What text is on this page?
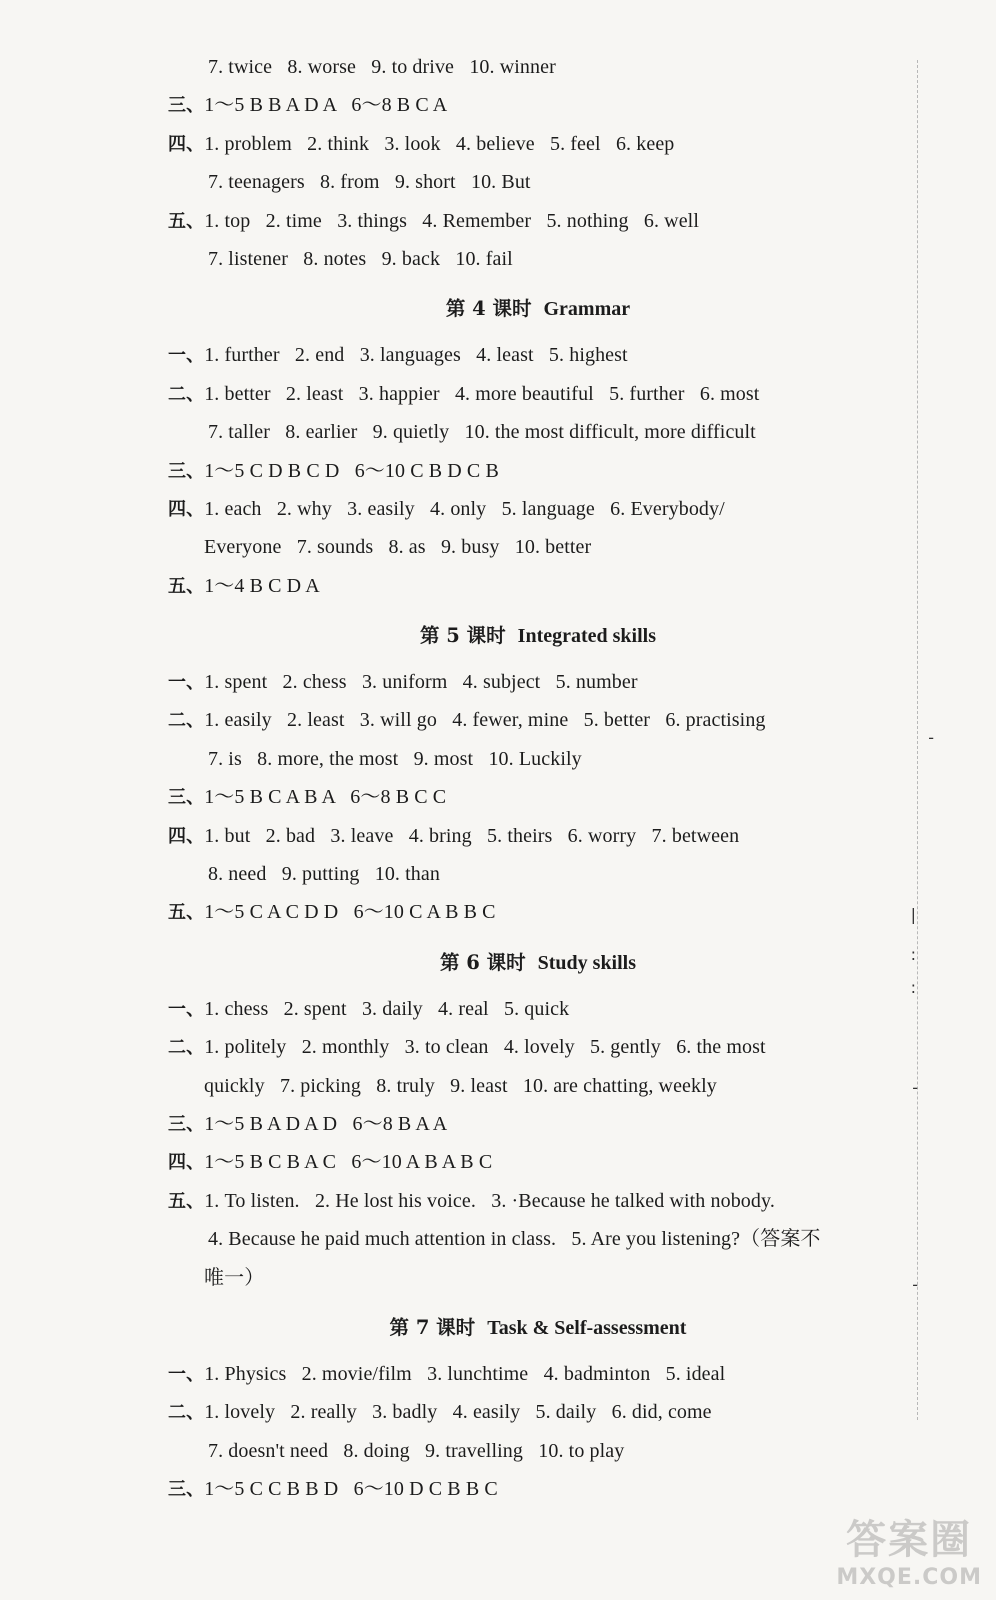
-
|
:
:
-
-
7. twice   8. worse   9. to drive   10. winner
三、1～5 B B A D A   6～8 B C A
四、1. problem   2. think   3. look   4. believe   5. feel   6. keep
7. teenagers   8. from   9. short   10. But
五、1. top   2. time   3. things   4. Remember   5. nothing   6. well
7. listener   8. notes   9. back   10. fail
第 4 课时 Grammar
一、1. further   2. end   3. languages   4. least   5. highest
二、1. better   2. least   3. happier   4. more beautiful   5. further   6. most
7. taller   8. earlier   9. quietly   10. the most difficult, more difficult
三、1～5 C D B C D   6～10 C B D C B
四、1. each   2. why   3. easily   4. only   5. language   6. Everybody/
Everyone   7. sounds   8. as   9. busy   10. better
五、1～4 B C D A
第 5 课时 Integrated skills
一、1. spent   2. chess   3. uniform   4. subject   5. number
二、1. easily   2. least   3. will go   4. fewer, mine   5. better   6. practising
7. is   8. more, the most   9. most   10. Luckily
三、1～5 B C A B A   6～8 B C C
四、1. but   2. bad   3. leave   4. bring   5. theirs   6. worry   7. between
8. need   9. putting   10. than
五、1～5 C A C D D   6～10 C A B B C
第 6 课时 Study skills
一、1. chess   2. spent   3. daily   4. real   5. quick
二、1. politely   2. monthly   3. to clean   4. lovely   5. gently   6. the most
quickly   7. picking   8. truly   9. least   10. are chatting, weekly
三、1～5 B A D A D   6～8 B A A
四、1～5 B C B A C   6～10 A B A B C
五、1. To listen.   2. He lost his voice.   3. ·Because he talked with nobody.
4. Because he paid much attention in class.   5. Are you listening?（答案不
唯一）
第 7 课时 Task & Self-assessment
一、1. Physics   2. movie/film   3. lunchtime   4. badminton   5. ideal
二、1. lovely   2. really   3. badly   4. easily   5. daily   6. did, come
7. doesn't need   8. doing   9. travelling   10. to play
三、1～5 C C B B D   6～10 D C B B C
答案圈
MXQE.COM
